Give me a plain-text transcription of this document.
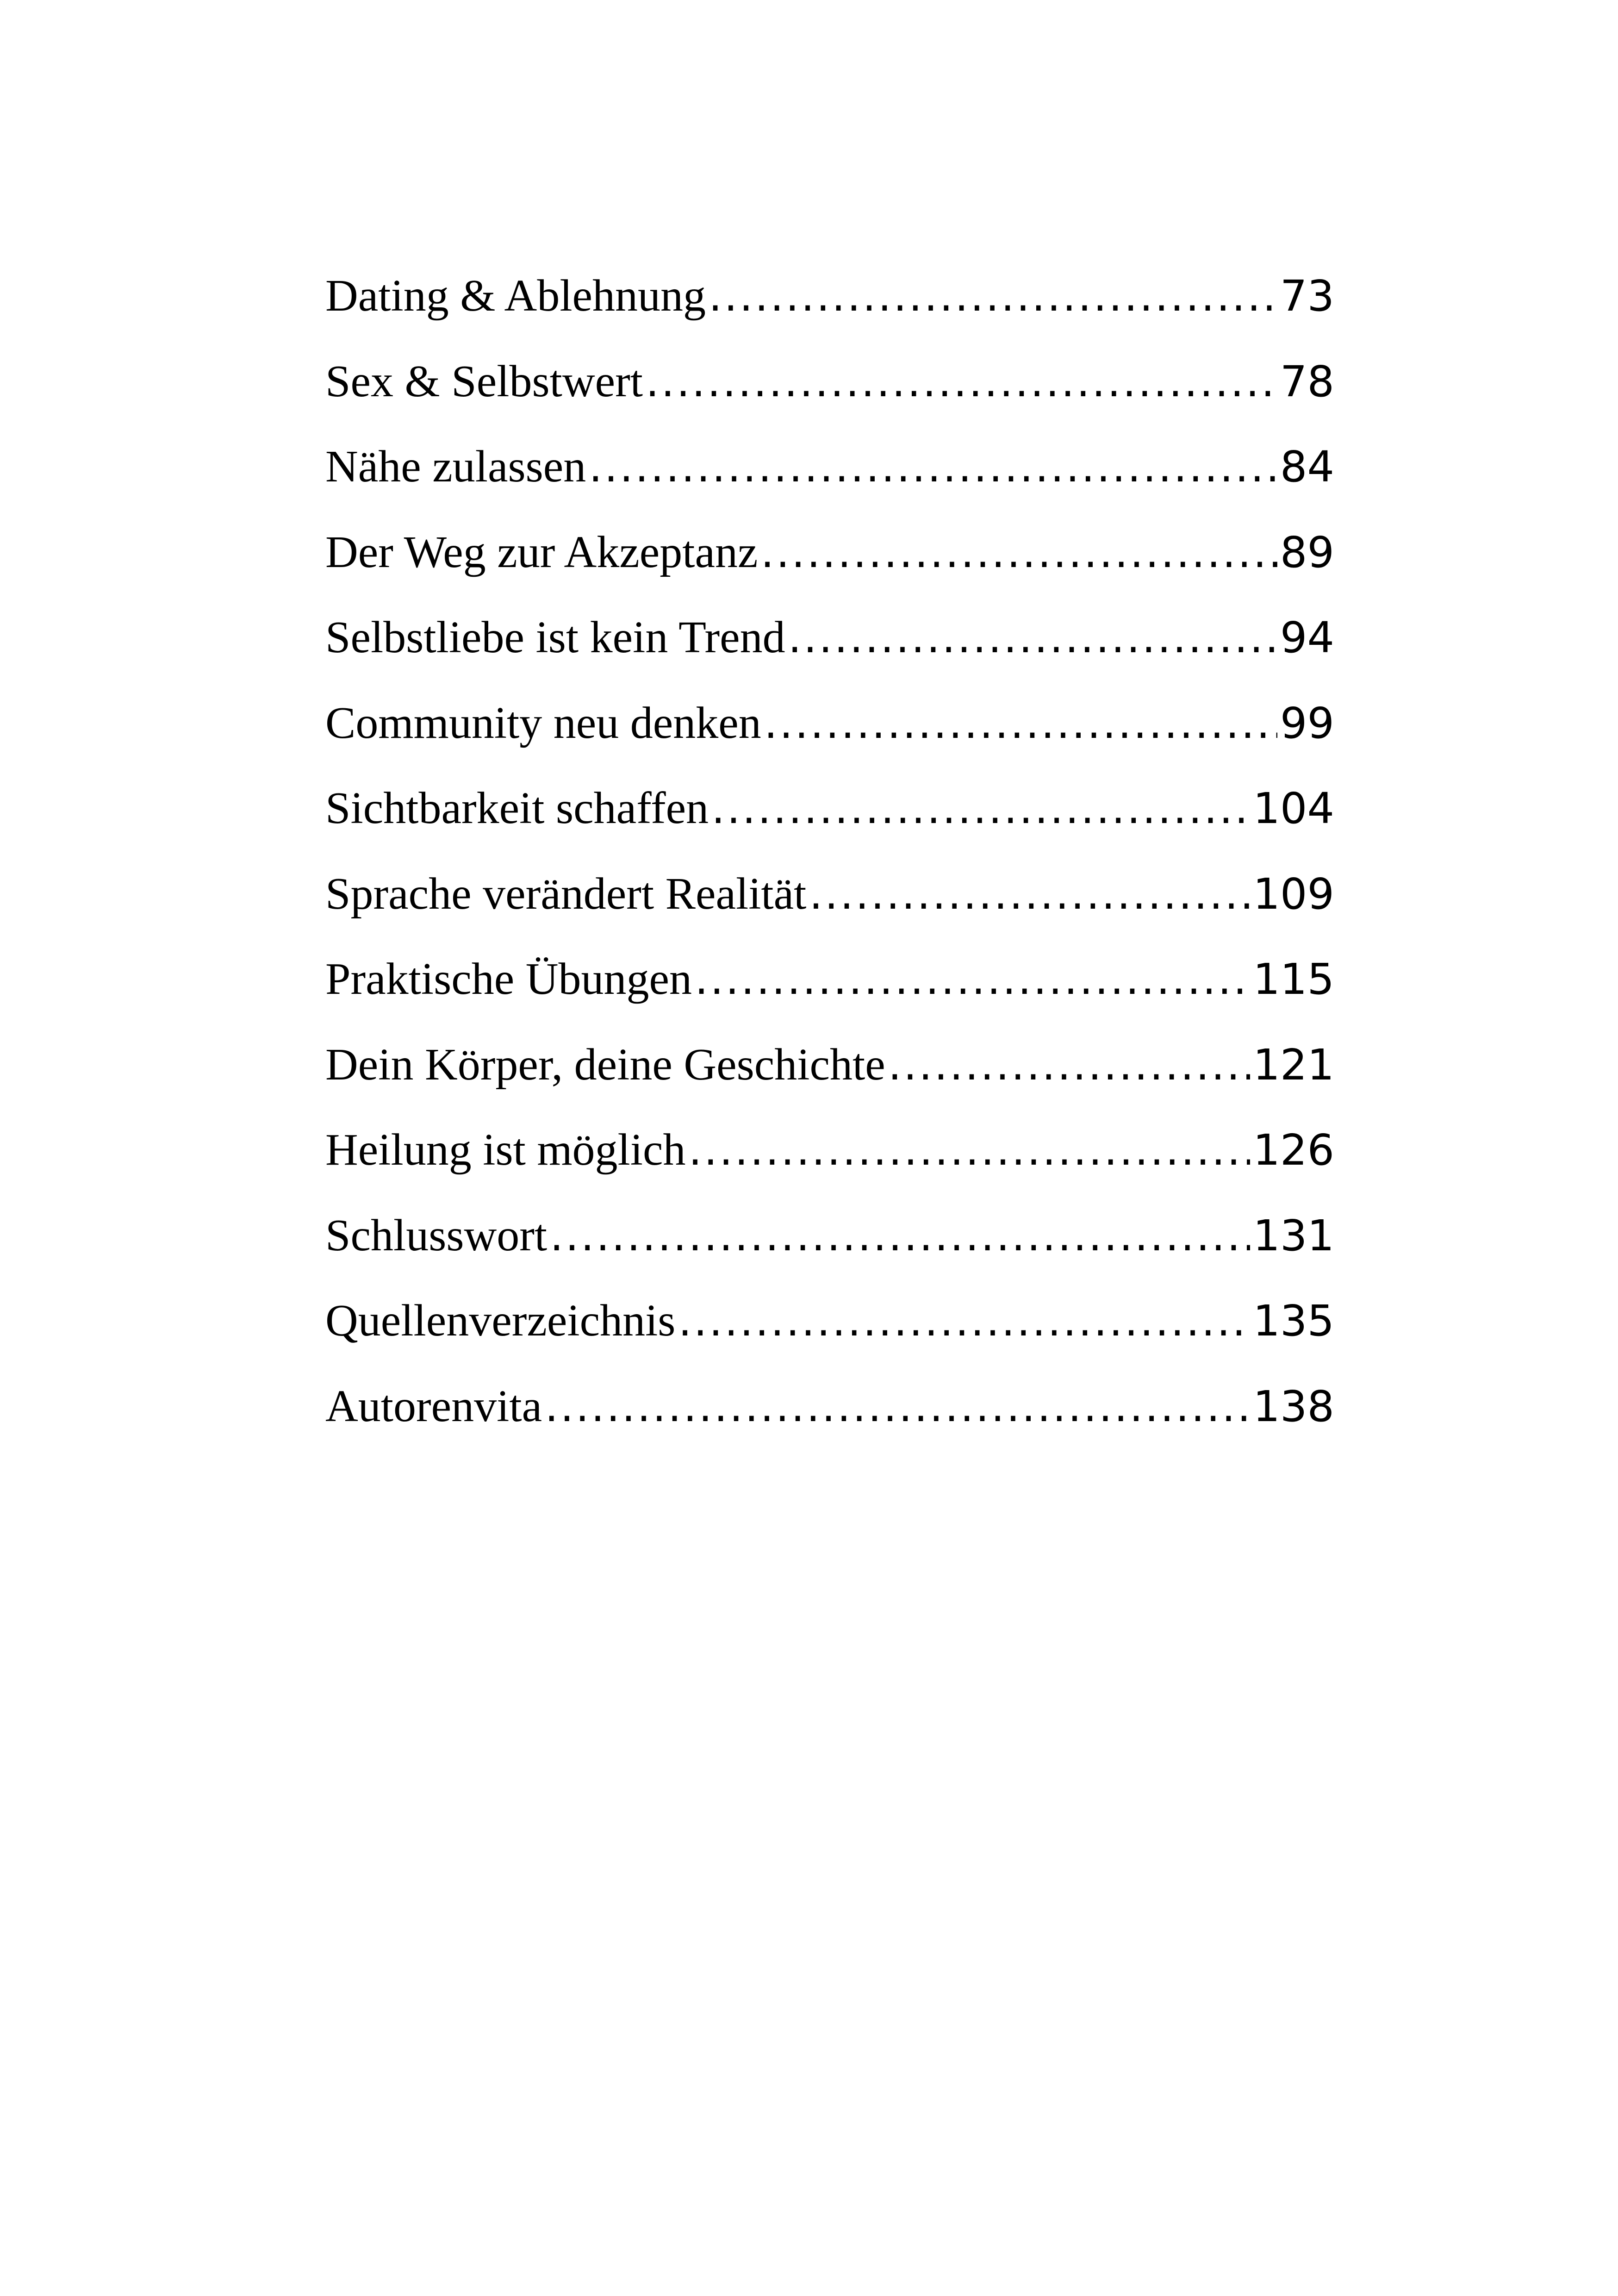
Dating & Ablehnung .....	73
Sex & Selbstwert .....	78
Nähe zulassen .....	84
Der Weg zur Akzeptanz .....	89
Selbstliebe ist kein Trend .....	94
Community neu denken .....	99
Sichtbarkeit schaffen .....	104
Sprache verändert Realität .....	109
Praktische Übungen .....	115
Dein Körper, deine Geschichte .....	121
Heilung ist möglich .....	126
Schlusswort .....	131
Quellenverzeichnis .....	135
Autorenvita .....	138
